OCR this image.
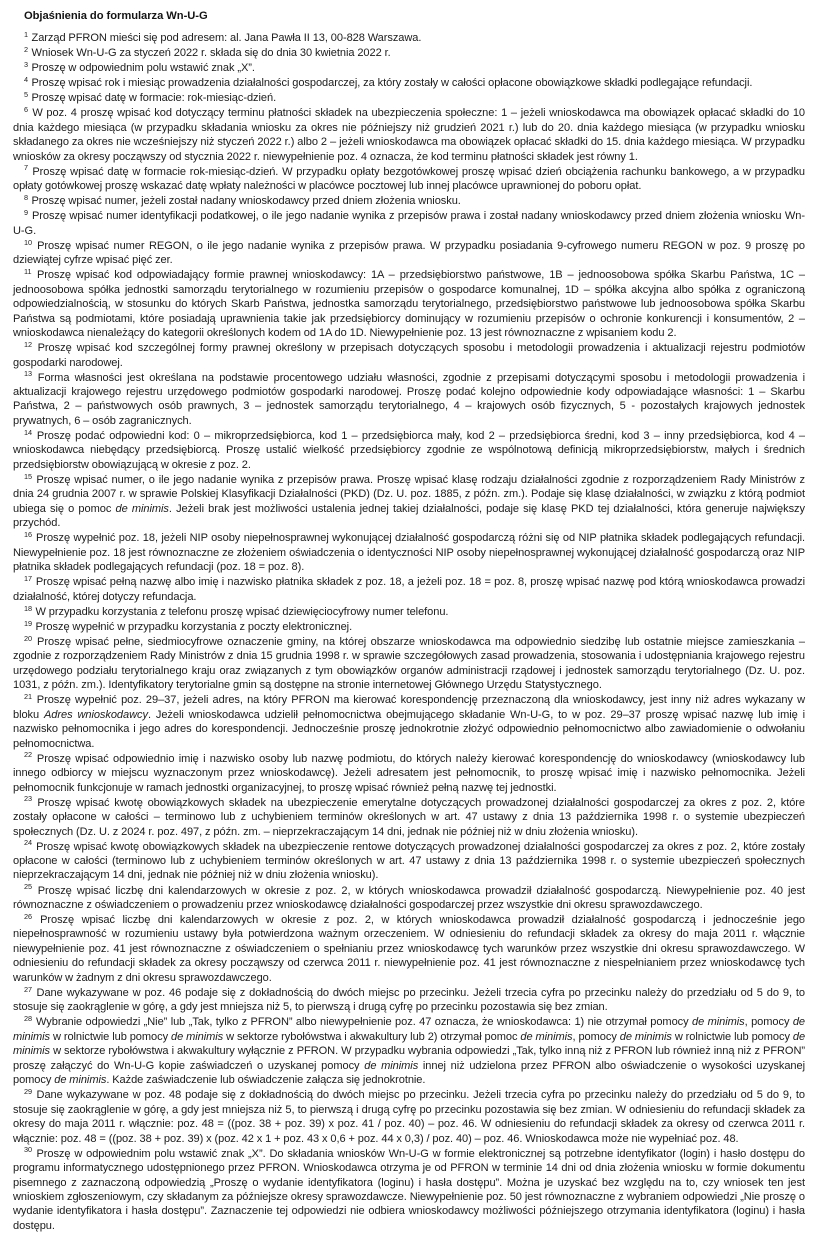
Objaśnienia do formularza Wn-U-G

$^1$ Zarząd PFRON mieści się pod adresem: al. Jana Pawła II 13, 00-828 Warszawa.

$^2$ Wniosek Wn-U-G za styczeń 2022 r. składa się do dnia 30 kwietnia 2022 r.

$^3$ Proszę w odpowiednim polu wstawić znak „X”.

$^4$ Proszę wpisać rok i miesiąc prowadzenia działalności gospodarczej, za który zostały w całości opłacone obowiązkowe składki podlegające refundacji.

$^5$ Proszę wpisać datę w formacie: rok-miesiąc-dzień.

$^6$ W poz. 4 proszę wpisać kod dotyczący terminu płatności składek na ubezpieczenia społeczne: 1 – jeżeli wnioskodawca ma obowiązek opłacać składki do 10 dnia każdego miesiąca (w przypadku składania wniosku za okres nie późniejszy niż grudzień 2021 r.) lub do 20. dnia każdego miesiąca (w przypadku wniosku składanego za okres nie wcześniejszy niż styczeń 2022 r.) albo 2 – jeżeli wnioskodawca ma obowiązek opłacać składki do 15. dnia każdego miesiąca. W przypadku wniosków za okresy począwszy od stycznia 2022 r. niewypełnienie poz. 4 oznacza, że kod terminu płatności składek jest równy 1.

$^7$ Proszę wpisać datę w formacie rok-miesiąc-dzień. W przypadku opłaty bezgotówkowej proszę wpisać dzień obciążenia rachunku bankowego, a w przypadku opłaty gotówkowej proszę wskazać datę wpłaty należności w placówce pocztowej lub innej placówce uprawnionej do poboru opłat.

$^8$ Proszę wpisać numer, jeżeli został nadany wnioskodawcy przed dniem złożenia wniosku.

$^9$ Proszę wpisać numer identyfikacji podatkowej, o ile jego nadanie wynika z przepisów prawa i został nadany wnioskodawcy przed dniem złożenia wniosku Wn-U-G.

$^{10}$ Proszę wpisać numer REGON, o ile jego nadanie wynika z przepisów prawa. W przypadku posiadania 9-cyfrowego numeru REGON w poz. 9 proszę po dziewiątej cyfrze wpisać pięć zer.

$^{11}$ Proszę wpisać kod odpowiadający formie prawnej wnioskodawcy: 1A – przedsiębiorstwo państwowe, 1B – jednoosobowa spółka Skarbu Państwa, 1C – jednoosobowa spółka jednostki samorządu terytorialnego w rozumieniu przepisów o gospodarce komunalnej, 1D – spółka akcyjna albo spółka z ograniczoną odpowiedzialnością, w stosunku do których Skarb Państwa, jednostka samorządu terytorialnego, przedsiębiorstwo państwowe lub jednoosobowa spółka Skarbu Państwa są podmiotami, które posiadają uprawnienia takie jak przedsiębiorcy dominujący w rozumieniu przepisów o ochronie konkurencji i konsumentów, 2 – wnioskodawca nienależący do kategorii określonych kodem od 1A do 1D. Niewypełnienie poz. 13 jest równoznaczne z wpisaniem kodu 2.

$^{12}$ Proszę wpisać kod szczególnej formy prawnej określony w przepisach dotyczących sposobu i metodologii prowadzenia i aktualizacji rejestru podmiotów gospodarki narodowej.

$^{13}$ Forma własności jest określana na podstawie procentowego udziału własności, zgodnie z przepisami dotyczącymi sposobu i metodologii prowadzenia i aktualizacji krajowego rejestru urzędowego podmiotów gospodarki narodowej. Proszę podać kolejno odpowiednie kody odpowiadające własności: 1 – Skarbu Państwa, 2 – państwowych osób prawnych, 3 – jednostek samorządu terytorialnego, 4 – krajowych osób fizycznych, 5 - pozostałych krajowych jednostek prywatnych, 6 – osób zagranicznych.

$^{14}$ Proszę podać odpowiedni kod: 0 – mikroprzedsiębiorca, kod 1 – przedsiębiorca mały, kod 2 – przedsiębiorca średni, kod 3 – inny przedsiębiorca, kod 4 – wnioskodawca niebędący przedsiębiorcą. Proszę ustalić wielkość przedsiębiorcy zgodnie ze wspólnotową definicją mikroprzedsiębiorstw, małych i średnich przedsiębiorstw obowiązującą w okresie z poz. 2.

$^{15}$ Proszę wpisać numer, o ile jego nadanie wynika z przepisów prawa. Proszę wpisać klasę rodzaju działalności zgodnie z rozporządzeniem Rady Ministrów z dnia 24 grudnia 2007 r. w sprawie Polskiej Klasyfikacji Działalności (PKD) (Dz. U. poz. 1885, z późn. zm.). Podaje się klasę działalności, w związku z którą podmiot ubiega się o pomoc de minimis. Jeżeli brak jest możliwości ustalenia jednej takiej działalności, podaje się klasę PKD tej działalności, która generuje największy przychód.

$^{16}$ Proszę wypełnić poz. 18, jeżeli NIP osoby niepełnosprawnej wykonującej działalność gospodarczą różni się od NIP płatnika składek podlegających refundacji. Niewypełnienie poz. 18 jest równoznaczne ze złożeniem oświadczenia o identyczności NIP osoby niepełnosprawnej wykonującej działalność gospodarczą oraz NIP płatnika składek podlegających refundacji (poz. 18 = poz. 8).

$^{17}$ Proszę wpisać pełną nazwę albo imię i nazwisko płatnika składek z poz. 18, a jeżeli poz. 18 = poz. 8, proszę wpisać nazwę pod którą wnioskodawca prowadzi działalność, której dotyczy refundacja.

$^{18}$ W przypadku korzystania z telefonu proszę wpisać dziewięciocyfrowy numer telefonu.

$^{19}$ Proszę wypełnić w przypadku korzystania z poczty elektronicznej.

$^{20}$ Proszę wpisać pełne, siedmiocyfrowe oznaczenie gminy, na której obszarze wnioskodawca ma odpowiednio siedzibę lub ostatnie miejsce zamieszkania – zgodnie z rozporządzeniem Rady Ministrów z dnia 15 grudnia 1998 r. w sprawie szczegółowych zasad prowadzenia, stosowania i udostępniania krajowego rejestru urzędowego podziału terytorialnego kraju oraz związanych z tym obowiązków organów administracji rządowej i jednostek samorządu terytorialnego (Dz. U. poz. 1031, z późn. zm.). Identyfikatory terytorialne gmin są dostępne na stronie internetowej Głównego Urzędu Statystycznego.

$^{21}$ Proszę wypełnić poz. 29–37, jeżeli adres, na który PFRON ma kierować korespondencję przeznaczoną dla wnioskodawcy, jest inny niż adres wykazany w bloku Adres wnioskodawcy. Jeżeli wnioskodawca udzielił pełnomocnictwa obejmującego składanie Wn-U-G, to w poz. 29–37 proszę wpisać nazwę lub imię i nazwisko pełnomocnika i jego adres do korespondencji. Jednocześnie proszę jednokrotnie złożyć odpowiednio pełnomocnictwo albo zawiadomienie o odwołaniu pełnomocnictwa.

$^{22}$ Proszę wpisać odpowiednio imię i nazwisko osoby lub nazwę podmiotu, do których należy kierować korespondencję do wnioskodawcy (wnioskodawcy lub innego odbiorcy w miejscu wyznaczonym przez wnioskodawcę). Jeżeli adresatem jest pełnomocnik, to proszę wpisać imię i nazwisko pełnomocnika. Jeżeli pełnomocnik funkcjonuje w ramach jednostki organizacyjnej, to proszę wpisać również pełną nazwę tej jednostki.

$^{23}$ Proszę wpisać kwotę obowiązkowych składek na ubezpieczenie emerytalne dotyczących prowadzonej działalności gospodarczej za okres z poz. 2, które zostały opłacone w całości – terminowo lub z uchybieniem terminów określonych w art. 47 ustawy z dnia 13 października 1998 r. o systemie ubezpieczeń społecznych (Dz. U. z 2024 r. poz. 497, z późn. zm. – nieprzekraczającym 14 dni, jednak nie później niż w dniu złożenia wniosku).

$^{24}$ Proszę wpisać kwotę obowiązkowych składek na ubezpieczenie rentowe dotyczących prowadzonej działalności gospodarczej za okres z poz. 2, które zostały opłacone w całości (terminowo lub z uchybieniem terminów określonych w art. 47 ustawy z dnia 13 października 1998 r. o systemie ubezpieczeń społecznych nieprzekraczającym 14 dni, jednak nie później niż w dniu złożenia wniosku).

$^{25}$ Proszę wpisać liczbę dni kalendarzowych w okresie z poz. 2, w których wnioskodawca prowadził działalność gospodarczą. Niewypełnienie poz. 40 jest równoznaczne z oświadczeniem o prowadzeniu przez wnioskodawcę działalności gospodarczej przez wszystkie dni okresu sprawozdawczego.

$^{26}$ Proszę wpisać liczbę dni kalendarzowych w okresie z poz. 2, w których wnioskodawca prowadził działalność gospodarczą i jednocześnie jego niepełnosprawność w rozumieniu ustawy była potwierdzona ważnym orzeczeniem. W odniesieniu do refundacji składek za okresy do maja 2011 r. włącznie niewypełnienie poz. 41 jest równoznaczne z oświadczeniem o spełnianiu przez wnioskodawcę tych warunków przez wszystkie dni okresu sprawozdawczego. W odniesieniu do refundacji składek za okresy począwszy od czerwca 2011 r. niewypełnienie poz. 41 jest równoznaczne z niespełnianiem przez wnioskodawcę tych warunków w żadnym z dni okresu sprawozdawczego.

$^{27}$ Dane wykazywane w poz. 46 podaje się z dokładnością do dwóch miejsc po przecinku. Jeżeli trzecia cyfra po przecinku należy do przedziału od 5 do 9, to stosuje się zaokrąglenie w górę, a gdy jest mniejsza niż 5, to pierwszą i drugą cyfrę po przecinku pozostawia się bez zmian.

$^{28}$ Wybranie odpowiedzi „Nie” lub „Tak, tylko z PFRON” albo niewypełnienie poz. 47 oznacza, że wnioskodawca: 1) nie otrzymał pomocy de minimis, pomocy de minimis w rolnictwie lub pomocy de minimis w sektorze rybołówstwa i akwakultury lub 2) otrzymał pomoc de minimis, pomocy de minimis w rolnictwie lub pomocy de minimis w sektorze rybołówstwa i akwakultury wyłącznie z PFRON. W przypadku wybrania odpowiedzi „Tak, tylko inną niż z PFRON lub również inną niż z PFRON” proszę załączyć do Wn-U-G kopie zaświadczeń o uzyskanej pomocy de minimis innej niż udzielona przez PFRON albo oświadczenie o wysokości uzyskanej pomocy de minimis. Każde zaświadczenie lub oświadczenie załącza się jednokrotnie.

$^{29}$ Dane wykazywane w poz. 48 podaje się z dokładnością do dwóch miejsc po przecinku. Jeżeli trzecia cyfra po przecinku należy do przedziału od 5 do 9, to stosuje się zaokrąglenie w górę, a gdy jest mniejsza niż 5, to pierwszą i drugą cyfrę po przecinku pozostawia się bez zmian. W odniesieniu do refundacji składek za okresy do maja 2011 r. włącznie: poz. 48 = ((poz. 38 + poz. 39) x poz. 41 / poz. 40) – poz. 46. W odniesieniu do refundacji składek za okresy od czerwca 2011 r. włącznie: poz. 48 = ((poz. 38 + poz. 39) x (poz. 42 x 1 + poz. 43 x 0,6 + poz. 44 x 0,3) / poz. 40) – poz. 46. Wnioskodawca może nie wypełniać poz. 48.

$^{30}$ Proszę w odpowiednim polu wstawić znak „X”. Do składania wniosków Wn-U-G w formie elektronicznej są potrzebne identyfikator (login) i hasło dostępu do programu informatycznego udostępnionego przez PFRON. Wnioskodawca otrzyma je od PFRON w terminie 14 dni od dnia złożenia wniosku w formie dokumentu pisemnego z zaznaczoną odpowiedzią „Proszę o wydanie identyfikatora (loginu) i hasła dostępu”. Można je uzyskać bez względu na to, czy wniosek ten jest wnioskiem zgłoszeniowym, czy składanym za późniejsze okresy sprawozdawcze. Niewypełnienie poz. 50 jest równoznaczne z wybraniem odpowiedzi „Nie proszę o wydanie identyfikatora i hasła dostępu”. Zaznaczenie tej odpowiedzi nie odbiera wnioskodawcy możliwości późniejszego otrzymania identyfikatora (loginu) i hasła dostępu.
